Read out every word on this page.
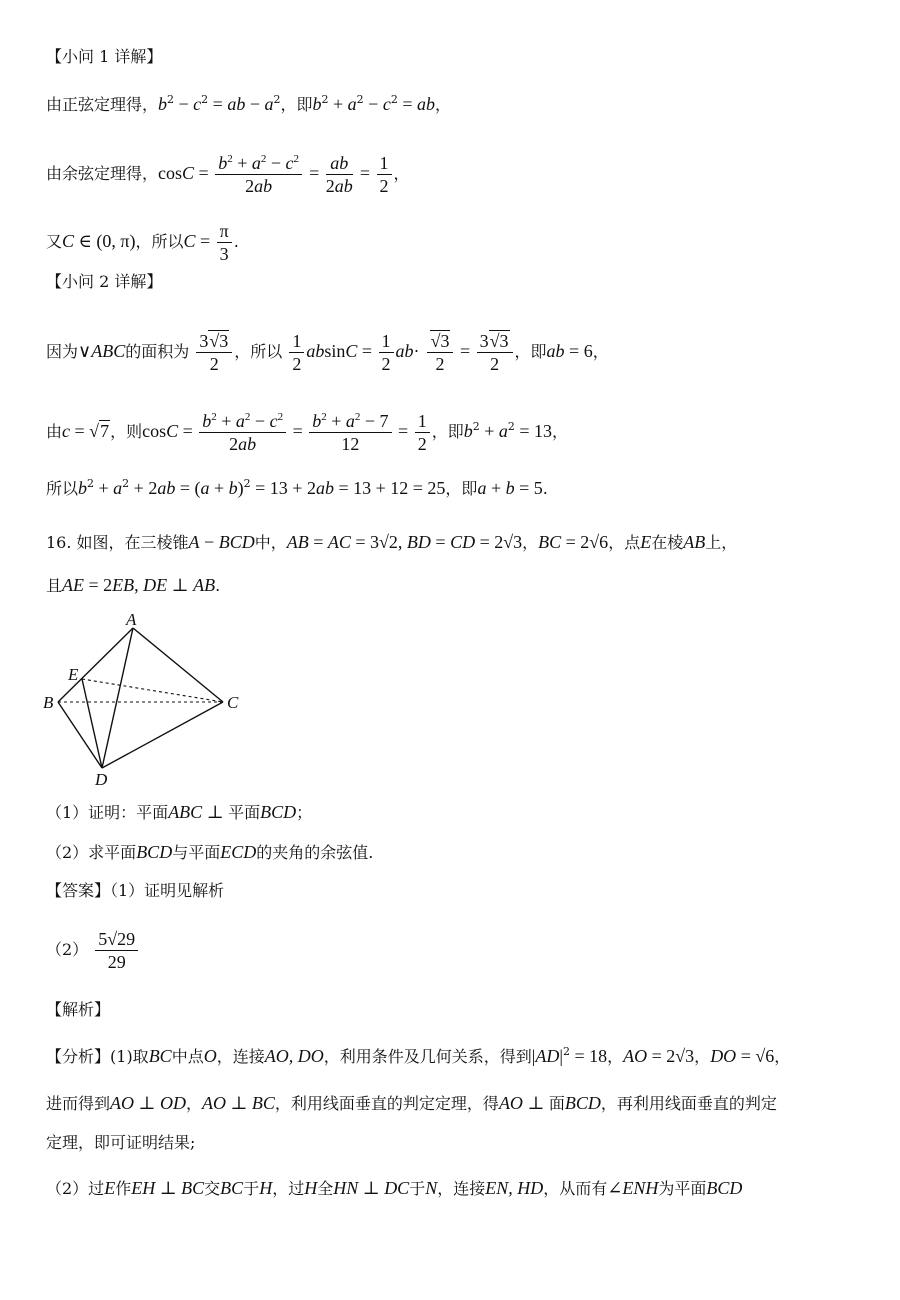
【小问 1 详解】
由正弦定理得，$b^2 - c^2$ = ab − $a^2$，即$b^2 + a^2 - c^2$ = ab，
由余弦定理得，$\cos C = \frac{b^2 + a^2 - c^2}{2ab} = \frac{ab}{2ab} = \frac{1}{2}$ ，
又C ∈ (0, π)，所以$C = \frac{\pi}{3}$ .
【小问 2 详解】
因为∨ABC的面积为 $\frac{3√3}{2}$ ，所以 $\frac{1}{2}$ $absinC = \frac{1}{2} ab\cdot \frac{√3}{2} = \frac{3√3}{2}$ ，即ab = 6，
由c = √7，则$\cos C = \frac{b^2 + a^2 - c^2}{2ab} = \frac{b^2 + a^2 - 7}{12} = \frac{1}{2}$ ，即$b^2 + a^2 = 13$，
所以$b^2 + a^2 + 2ab = (a + b)^2 = 13 + 2ab = 13 + 12 = 25$，即a + b = 5.
16. 如图，在三棱锥A − BCD中，AB = AC = 3√2, BD = CD = 2√3，BC = 2√6，点E在棱AB上，
且AE = 2EB, DE ⊥ AB.
A
E
B	C
D
（1）证明：平面ABC ⊥ 平面BCD；
（2）求平面BCD与平面ECD的夹角的余弦值.
【答案】（1）证明见解析
$(2) \frac{5√29}{29}$
【解析】
【分析】(1)取BC中点O，连接AO, DO，利用条件及几何关系，得到$|AD|^2 = 18$，AO = 2√3，DO = √6，
进而得到AO ⊥ OD，AO ⊥ BC，利用线面垂直的判定定理，得AO ⊥ 面BCD，再利用线面垂直的判定
定理，即可证明结果;
（2）过E作EH ⊥ BC交BC于H，过H全HN ⊥ DC于N，连接EN, HD，从而有∠ENH为平面BCD
